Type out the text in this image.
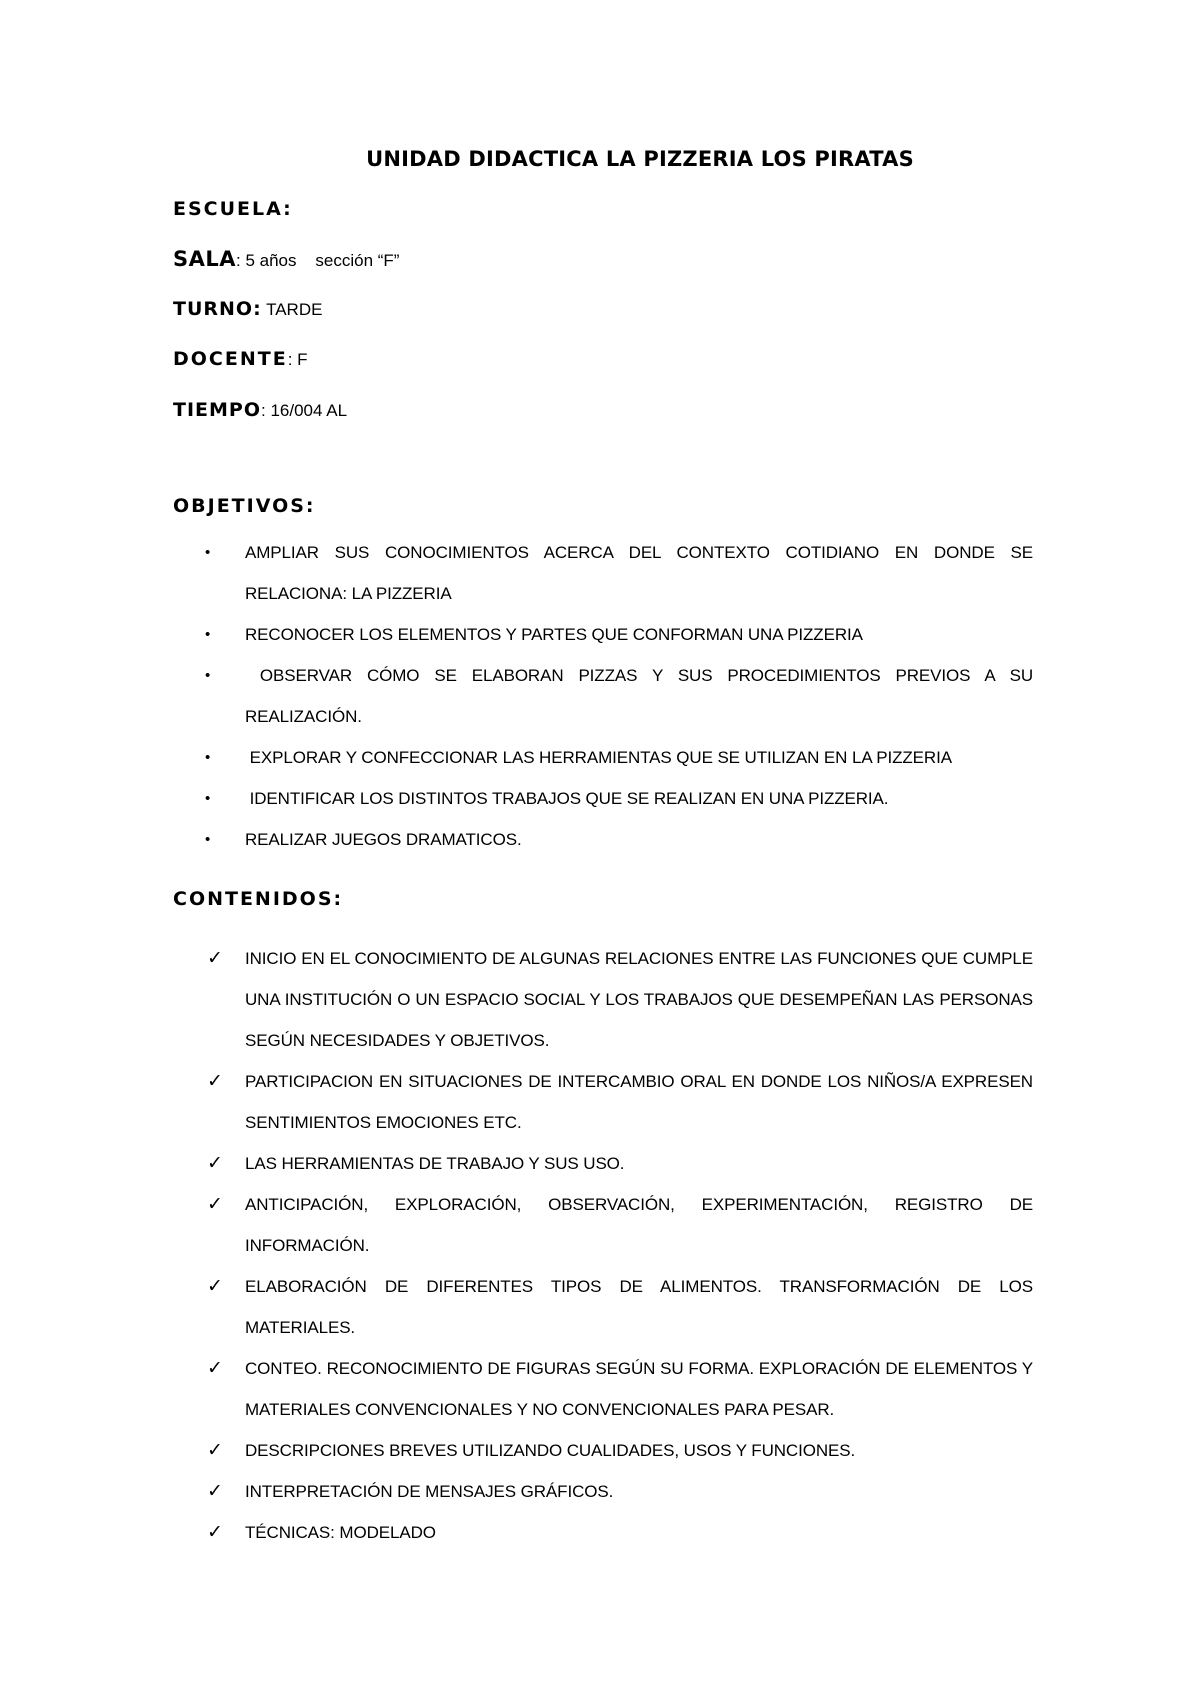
UNIDAD DIDACTICA LA PIZZERIA LOS PIRATAS
ESCUELA:
SALA: 5 años    sección “F”
TURNO: TARDE
DOCENTE: F
TIEMPO: 16/004 AL
OBJETIVOS:
• AMPLIAR SUS CONOCIMIENTOS ACERCA DEL CONTEXTO COTIDIANO EN DONDE SE RELACIONA: LA PIZZERIA
• RECONOCER LOS ELEMENTOS Y PARTES QUE CONFORMAN UNA PIZZERIA
• OBSERVAR CÓMO SE ELABORAN PIZZAS Y SUS PROCEDIMIENTOS PREVIOS A SU REALIZACIÓN.
• EXPLORAR Y CONFECCIONAR LAS HERRAMIENTAS QUE SE UTILIZAN EN LA PIZZERIA
• IDENTIFICAR LOS DISTINTOS TRABAJOS QUE SE REALIZAN EN UNA PIZZERIA.
• REALIZAR JUEGOS DRAMATICOS.
CONTENIDOS:
✓ INICIO EN EL CONOCIMIENTO DE ALGUNAS RELACIONES ENTRE LAS FUNCIONES QUE CUMPLE UNA INSTITUCIÓN O UN ESPACIO SOCIAL Y LOS TRABAJOS QUE DESEMPEÑAN LAS PERSONAS SEGÚN NECESIDADES Y OBJETIVOS.
✓ PARTICIPACION EN SITUACIONES DE INTERCAMBIO ORAL EN DONDE LOS NIÑOS/A EXPRESEN SENTIMIENTOS EMOCIONES ETC.
✓ LAS HERRAMIENTAS DE TRABAJO Y SUS USO.
✓ ANTICIPACIÓN, EXPLORACIÓN, OBSERVACIÓN, EXPERIMENTACIÓN, REGISTRO DE INFORMACIÓN.
✓ ELABORACIÓN DE DIFERENTES TIPOS DE ALIMENTOS. TRANSFORMACIÓN DE LOS MATERIALES.
✓ CONTEO. RECONOCIMIENTO DE FIGURAS SEGÚN SU FORMA. EXPLORACIÓN DE ELEMENTOS Y MATERIALES CONVENCIONALES Y NO CONVENCIONALES PARA PESAR.
✓ DESCRIPCIONES BREVES UTILIZANDO CUALIDADES, USOS Y FUNCIONES.
✓ INTERPRETACIÓN DE MENSAJES GRÁFICOS.
✓ TÉCNICAS: MODELADO
